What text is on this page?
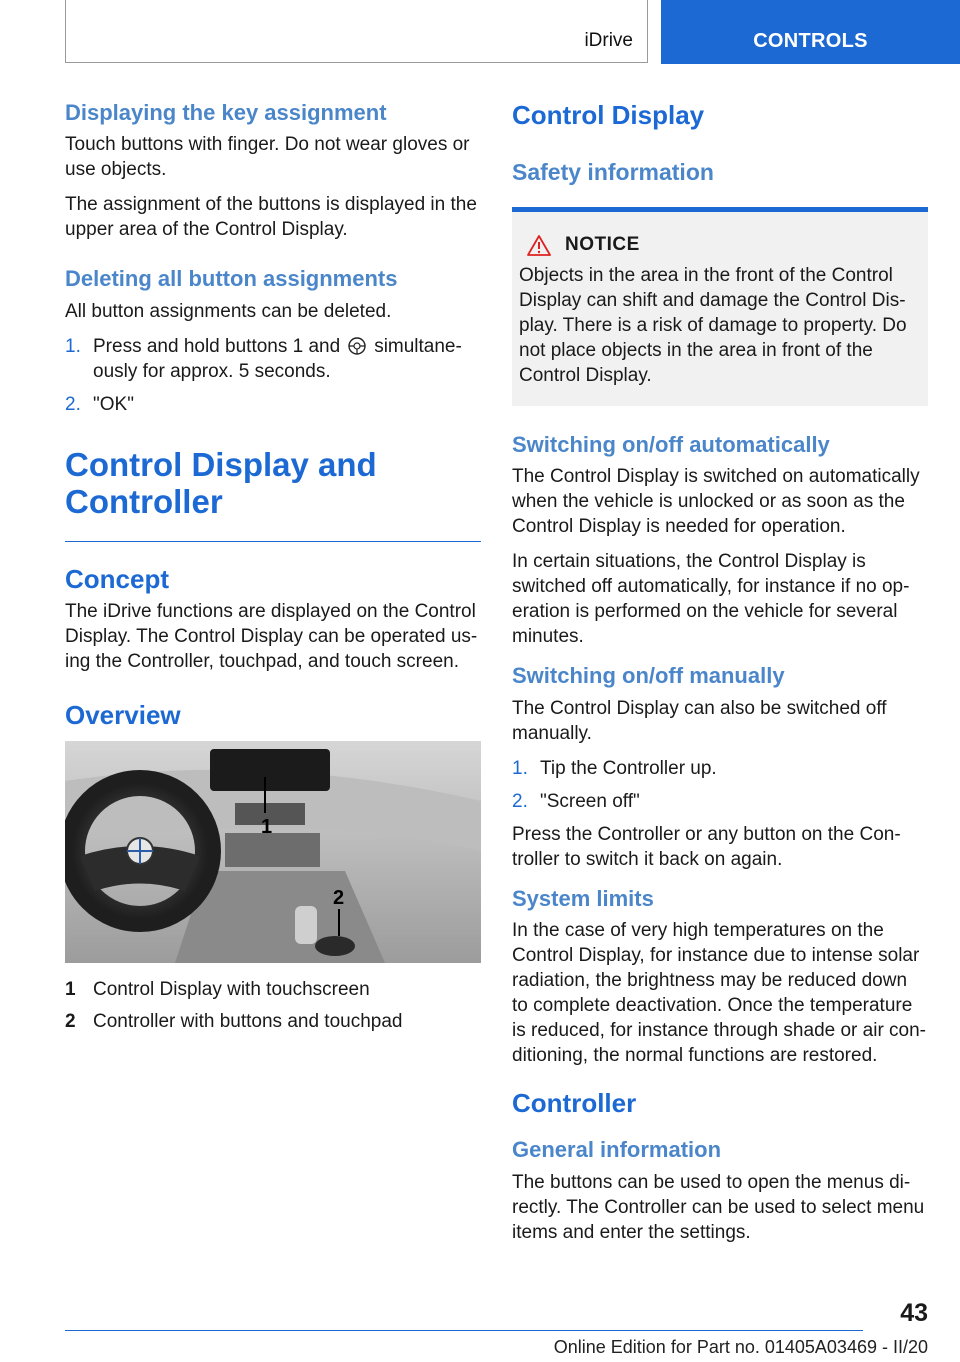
iDrive	CONTROLS
Displaying the key assignment

Touch buttons with finger. Do not wear gloves or use objects.

The assignment of the buttons is displayed in the upper area of the Control Display.

Deleting all button assignments

All button assignments can be deleted.

1. Press and hold buttons 1 and simultane-ously for approx. 5 seconds.
2. "OK"
Control Display and
Controller
Concept

The iDrive functions are displayed on the Control Display. The Control Display can be operated us-ing the Controller, touchpad, and touch screen.

Overview
1
2
1 Control Display with touchscreen
2 Controller with buttons and touchpad
Control Display
Safety information
NOTICE

Objects in the area in the front of the Control Display can shift and damage the Control Dis-play. There is a risk of damage to property. Do not place objects in the area in front of the Control Display.

Switching on/off automatically

The Control Display is switched on automatically when the vehicle is unlocked or as soon as the Control Display is needed for operation.

In certain situations, the Control Display is switched off automatically, for instance if no op-eration is performed on the vehicle for several minutes.

Switching on/off manually

The Control Display can also be switched off manually.

1. Tip the Controller up.
2. "Screen off"

Press the Controller or any button on the Con-troller to switch it back on again.

System limits

In the case of very high temperatures on the Control Display, for instance due to intense solar radiation, the brightness may be reduced down to complete deactivation. Once the temperature is reduced, for instance through shade or air con-ditioning, the normal functions are restored.

Controller
General information

The buttons can be used to open the menus di-rectly. The Controller can be used to select menu items and enter the settings.

43
Online Edition for Part no. 01405A03469 - II/20
